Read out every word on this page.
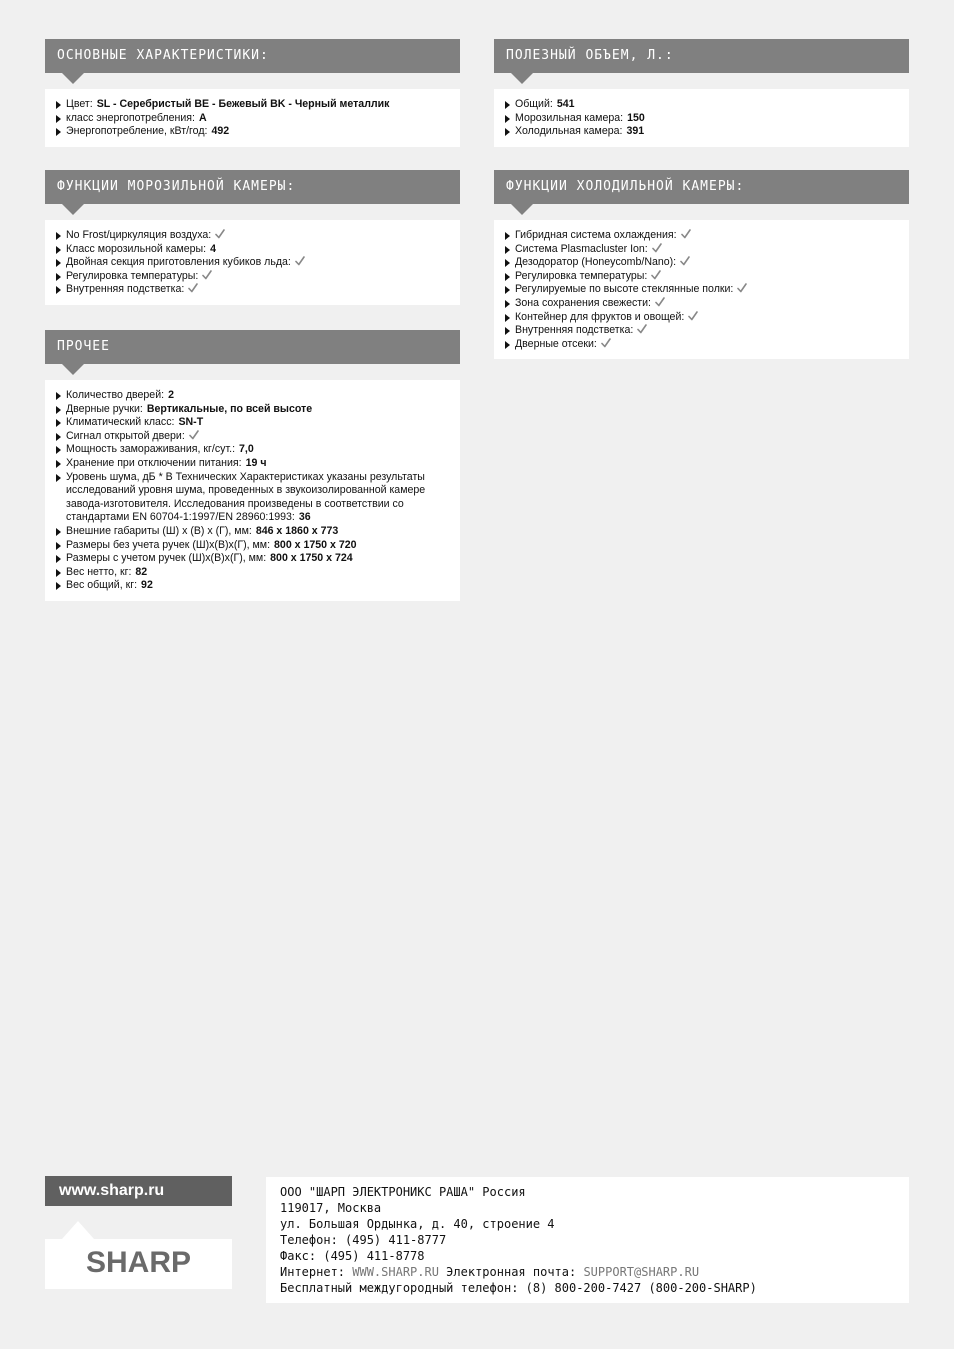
ОСНОВНЫЕ ХАРАКТЕРИСТИКИ:
Цвет: SL - Серебристый BE - Бежевый BK - Черный металлик
класс энергопотребления: A
Энергопотребление, кВт/год: 492
ПОЛЕЗНЫЙ ОБЪЕМ, Л.:
Общий: 541
Морозильная камера: 150
Холодильная камера: 391
ФУНКЦИИ МОРОЗИЛЬНОЙ КАМЕРЫ:
No Frost/циркуляция воздуха:
Класс морозильной камеры: 4
Двойная секция приготовления кубиков льда:
Регулировка температуры:
Внутренняя подстветка:
ФУНКЦИИ ХОЛОДИЛЬНОЙ КАМЕРЫ:
Гибридная система охлаждения:
Система Plasmacluster Ion:
Дезодоратор (Honeycomb/Nano):
Регулировка температуры:
Регулируемые по высоте стеклянные полки:
Зона сохранения свежести:
Контейнер для фруктов и овощей:
Внутренняя подстветка:
Дверные отсеки:
ПРОЧЕЕ
Количество дверей: 2
Дверные ручки: Вертикальные, по всей высоте
Климатический класс: SN-T
Сигнал открытой двери:
Мощность замораживания, кг/сут.: 7,0
Хранение при отключении питания: 19 ч
Уровень шума, дБ * В Технических Характеристиках указаны результаты исследований уровня шума, проведенных в звукоизолированной камере завода-изготовителя. Исследования произведены в соответствии со стандартами EN 60704-1:1997/EN 28960:1993: 36
Внешние габариты (Ш) х (В) х (Г), мм: 846 x 1860 x 773
Размеры без учета ручек (Ш)х(В)х(Г), мм: 800 x 1750 x 720
Размеры с учетом ручек (Ш)х(В)х(Г), мм: 800 x 1750 x 724
Вес нетто, кг: 82
Вес общий, кг: 92
www.sharp.ru
SHARP
ООО "ШАРП ЭЛЕКТРОНИКС РАША" Россия
119017, Москва
ул. Большая Ордынка, д. 40, строение 4
Телефон: (495) 411-8777
Факс: (495) 411-8778
Интернет: WWW.SHARP.RU Электронная почта: SUPPORT@SHARP.RU
Бесплатный междугородный телефон: (8) 800-200-7427 (800-200-SHARP)
